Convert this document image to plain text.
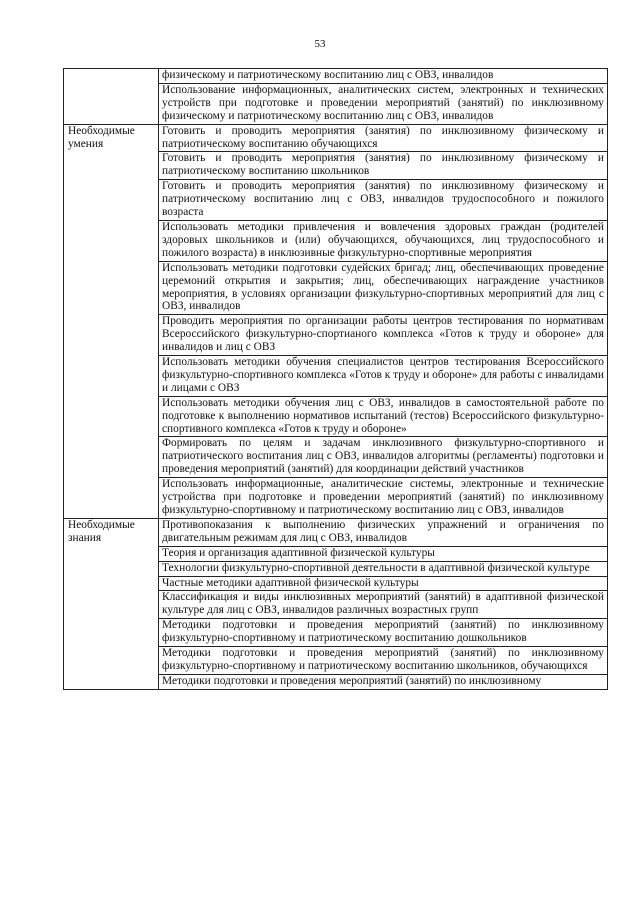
53
	физическому и патриотическому воспитанию лиц с ОВЗ, инвалидов
	Использование информационных, аналитических систем, электронных и технических устройств при подготовке и проведении мероприятий (занятий) по инклюзивному физическому и патриотическому воспитанию лиц с ОВЗ, инвалидов
Необходимые умения	Готовить и проводить мероприятия (занятия) по инклюзивному физическому и патриотическому воспитанию обучающихся
	Готовить и проводить мероприятия (занятия) по инклюзивному физическому и патриотическому воспитанию школьников
	Готовить и проводить мероприятия (занятия) по инклюзивному физическому и патриотическому воспитанию лиц с ОВЗ, инвалидов трудоспособного и пожилого возраста
	Использовать методики привлечения и вовлечения здоровых граждан (родителей здоровых школьников и (или) обучающихся, обучающихся, лиц трудоспособного и пожилого возраста) в инклюзивные физкультурно-спортивные мероприятия
	Использовать методики подготовки судейских бригад; лиц, обеспечивающих проведение церемоний открытия и закрытия; лиц, обеспечивающих награждение участников мероприятия, в условиях организации физкультурно-спортивных мероприятий для лиц с ОВЗ, инвалидов
	Проводить мероприятия по организации работы центров тестирования по нормативам Всероссийского физкультурно-спортианого комплекса «Готов к труду и обороне» для инвалидов и лиц с ОВЗ
	Использовать методики обучения специалистов центров тестирования Всероссийского физкультурно-спортивного комплекса «Готов к труду и обороне» для работы с инвалидами и лицами с ОВЗ
	Использовать методики обучения лиц с ОВЗ, инвалидов в самостоятельной работе по подготовке к выполнению нормативов испытаний (тестов) Всероссийского физкультурно-спортивного комплекса «Готов к труду и обороне»
	Формировать по целям и задачам инклюзивного физкультурно-спортивного и патриотического воспитания лиц с ОВЗ, инвалидов алгоритмы (регламенты) подготовки и проведения мероприятий (занятий) для координации действий участников
	Использовать информационные, аналитические системы, электронные и технические устройства при подготовке и проведении мероприятий (занятий) по инклюзивному физкультурно-спортивному и патриотическому воспитанию лиц с ОВЗ, инвалидов
Необходимые знания	Противопоказания к выполнению физических упражнений и ограничения по двигательным режимам для лиц с ОВЗ, инвалидов
	Теория и организация адаптивной физической культуры
	Технологии физкультурно-спортивной деятельности в адаптивной физической культуре
	Частные методики адаптивной физической культуры
	Классификация и виды инклюзивных мероприятий (занятий) в адаптивной физической культуре для лиц с ОВЗ, инвалидов различных возрастных групп
	Методики подготовки и проведения мероприятий (занятий) по инклюзивному физкультурно-спортивному и патриотическому воспитанию дошкольников
	Методики подготовки и проведения мероприятий (занятий) по инклюзивному физкультурно-спортивному и патриотическому воспитанию школьников, обучающихся
	Методики подготовки и проведения мероприятий (занятий) по инклюзивному
